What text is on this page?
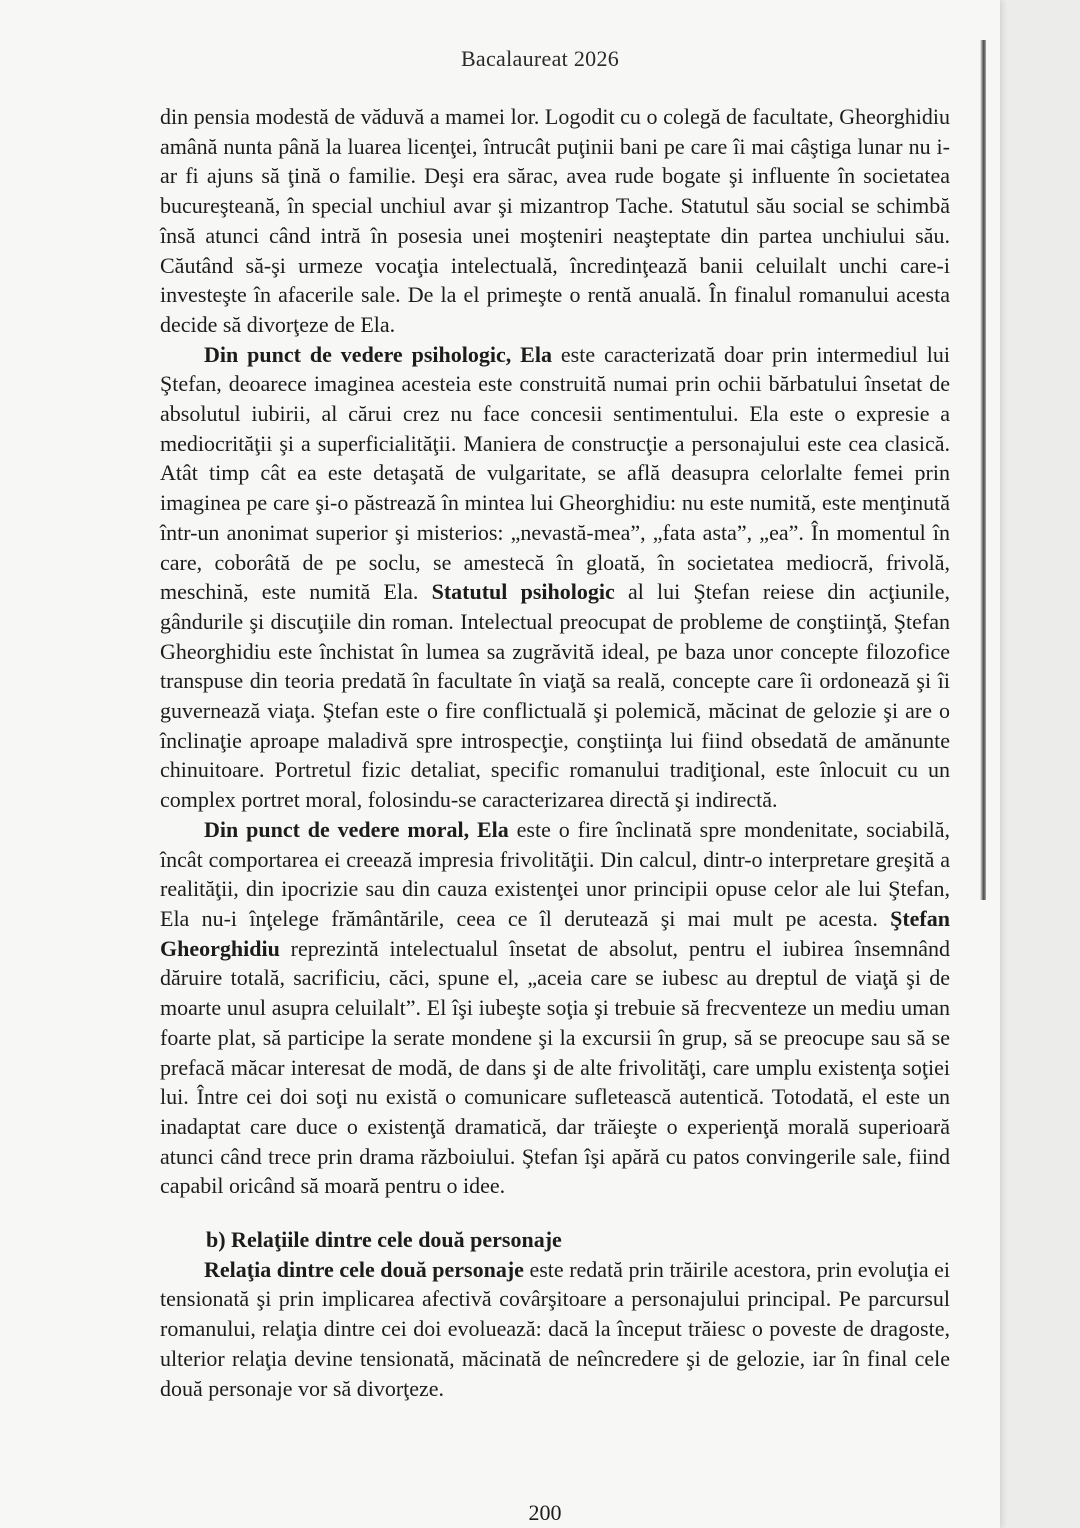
Bacalaureat 2026

din pensia modestă de văduvă a mamei lor. Logodit cu o colegă de facultate, Gheorghidiu amână nunta până la luarea licenţei, întrucât puţinii bani pe care îi mai câştiga lunar nu i-ar fi ajuns să ţină o familie. Deşi era sărac, avea rude bogate şi influente în societatea bucureşteană, în special unchiul avar şi mizantrop Tache. Statutul său social se schimbă însă atunci când intră în posesia unei moşteniri neaşteptate din partea unchiului său. Căutând să-şi urmeze vocaţia intelectuală, încredinţează banii celuilalt unchi care-i investeşte în afacerile sale. De la el primeşte o rentă anuală. În finalul romanului acesta decide să divorţeze de Ela.

Din punct de vedere psihologic, Ela este caracterizată doar prin intermediul lui Ştefan, deoarece imaginea acesteia este construită numai prin ochii bărbatului însetat de absolutul iubirii, al cărui crez nu face concesii sentimentului. Ela este o expresie a mediocrităţii şi a superficialităţii. Maniera de construcţie a personajului este cea clasică. Atât timp cât ea este detaşată de vulgaritate, se află deasupra celorlalte femei prin imaginea pe care şi-o păstrează în mintea lui Gheorghidiu: nu este numită, este menţinută într-un anonimat superior şi misterios: „nevastă-mea”, „fata asta”, „ea”. În momentul în care, coborâtă de pe soclu, se amestecă în gloată, în societatea mediocră, frivolă, meschină, este numită Ela. Statutul psihologic al lui Ştefan reiese din acţiunile, gândurile şi discuţiile din roman. Intelectual preocupat de probleme de conştiinţă, Ştefan Gheorghidiu este închistat în lumea sa zugrăvită ideal, pe baza unor concepte filozofice transpuse din teoria predată în facultate în viaţă sa reală, concepte care îi ordonează şi îi guvernează viaţa. Ştefan este o fire conflictuală şi polemică, măcinat de gelozie şi are o înclinaţie aproape maladivă spre introspecţie, conştiinţa lui fiind obsedată de amănunte chinuitoare. Portretul fizic detaliat, specific romanului tradiţional, este înlocuit cu un complex portret moral, folosindu-se caracterizarea directă şi indirectă.

Din punct de vedere moral, Ela este o fire înclinată spre mondenitate, sociabilă, încât comportarea ei creează impresia frivolităţii. Din calcul, dintr-o interpretare greşită a realităţii, din ipocrizie sau din cauza existenţei unor principii opuse celor ale lui Ştefan, Ela nu-i înţelege frământările, ceea ce îl derutează şi mai mult pe acesta. Ştefan Gheorghidiu reprezintă intelectualul însetat de absolut, pentru el iubirea însemnând dăruire totală, sacrificiu, căci, spune el, „aceia care se iubesc au dreptul de viaţă şi de moarte unul asupra celuilalt”. El îşi iubeşte soţia şi trebuie să frecventeze un mediu uman foarte plat, să participe la serate mondene şi la excursii în grup, să se preocupe sau să se prefacă măcar interesat de modă, de dans şi de alte frivolităţi, care umplu existenţa soţiei lui. Între cei doi soţi nu există o comunicare sufletească autentică. Totodată, el este un inadaptat care duce o existenţă dramatică, dar trăieşte o experienţă morală superioară atunci când trece prin drama războiului. Ştefan îşi apără cu patos convingerile sale, fiind capabil oricând să moară pentru o idee.

b) Relaţiile dintre cele două personaje

Relaţia dintre cele două personaje este redată prin trăirile acestora, prin evoluţia ei tensionată şi prin implicarea afectivă covârşitoare a personajului principal. Pe parcursul romanului, relaţia dintre cei doi evoluează: dacă la început trăiesc o poveste de dragoste, ulterior relaţia devine tensionată, măcinată de neîncredere şi de gelozie, iar în final cele două personaje vor să divorţeze.

200
